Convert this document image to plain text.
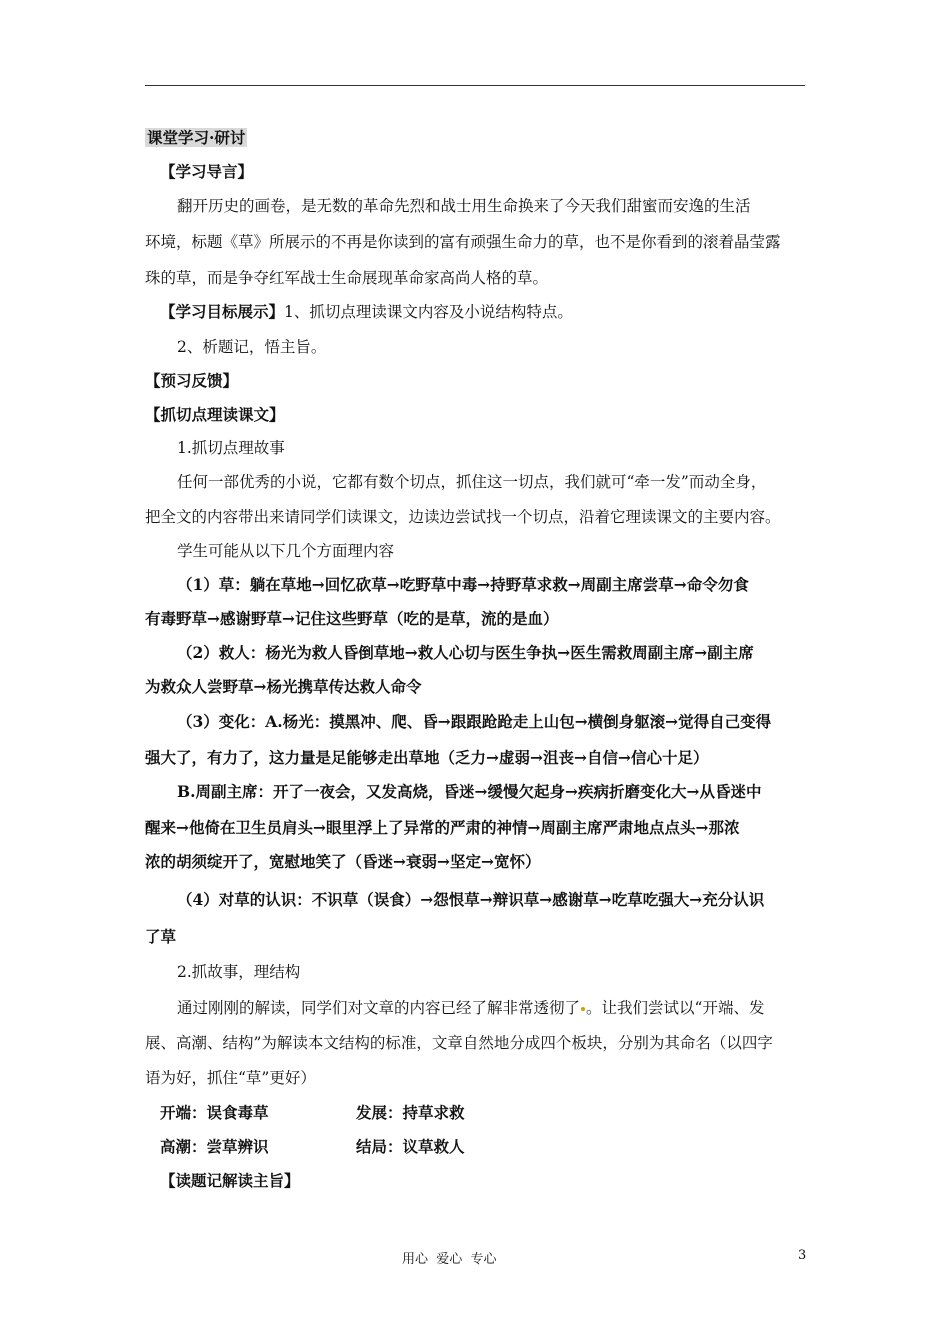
课堂学习·研讨
【学习导言】
翻开历史的画卷，是无数的革命先烈和战士用生命换来了今天我们甜蜜而安逸的生活
环境，标题《草》所展示的不再是你读到的富有顽强生命力的草，也不是你看到的滚着晶莹露
珠的草，而是争夺红军战士生命展现革命家高尚人格的草。
【学习目标展示】1、抓切点理读课文内容及小说结构特点。
2、析题记，悟主旨。
【预习反馈】
【抓切点理读课文】
1.抓切点理故事
任何一部优秀的小说，它都有数个切点，抓住这一切点，我们就可“牵一发”而动全身，
把全文的内容带出来请同学们读课文，边读边尝试找一个切点，沿着它理读课文的主要内容。
学生可能从以下几个方面理内容
（1）草：躺在草地→回忆砍草→吃野草中毒→持野草求救→周副主席尝草→命令勿食
有毒野草→感谢野草→记住这些野草（吃的是草，流的是血）
（2）救人：杨光为救人昏倒草地→救人心切与医生争执→医生需救周副主席→副主席
为救众人尝野草→杨光携草传达救人命令
（3）变化：A.杨光：摸黑冲、爬、昏→跟跟跄跄走上山包→横倒身躯滚→觉得自己变得
强大了，有力了，这力量是足能够走出草地（乏力→虚弱→沮丧→自信→信心十足）
B.周副主席：开了一夜会，又发高烧，昏迷→缓慢欠起身→疾病折磨变化大→从昏迷中
醒来→他倚在卫生员肩头→眼里浮上了异常的严肃的神情→周副主席严肃地点点头→那浓
浓的胡须绽开了，宽慰地笑了（昏迷→衰弱→坚定→宽怀）
（4）对草的认识：不识草（误食）→怨恨草→辩识草→感谢草→吃草吃强大→充分认识
了草
2.抓故事，理结构
通过刚刚的解读，同学们对文章的内容已经了解非常透彻了 。让我们尝试以“开端、发
展、高潮、结构”为解读本文结构的标准，文章自然地分成四个板块，分别为其命名（以四字
语为好，抓住“草”更好）
开端：误食毒草	发展：持草求救
高潮：尝草辨识	结局：议草救人
【读题记解读主旨】
用心  爱心  专心	3
